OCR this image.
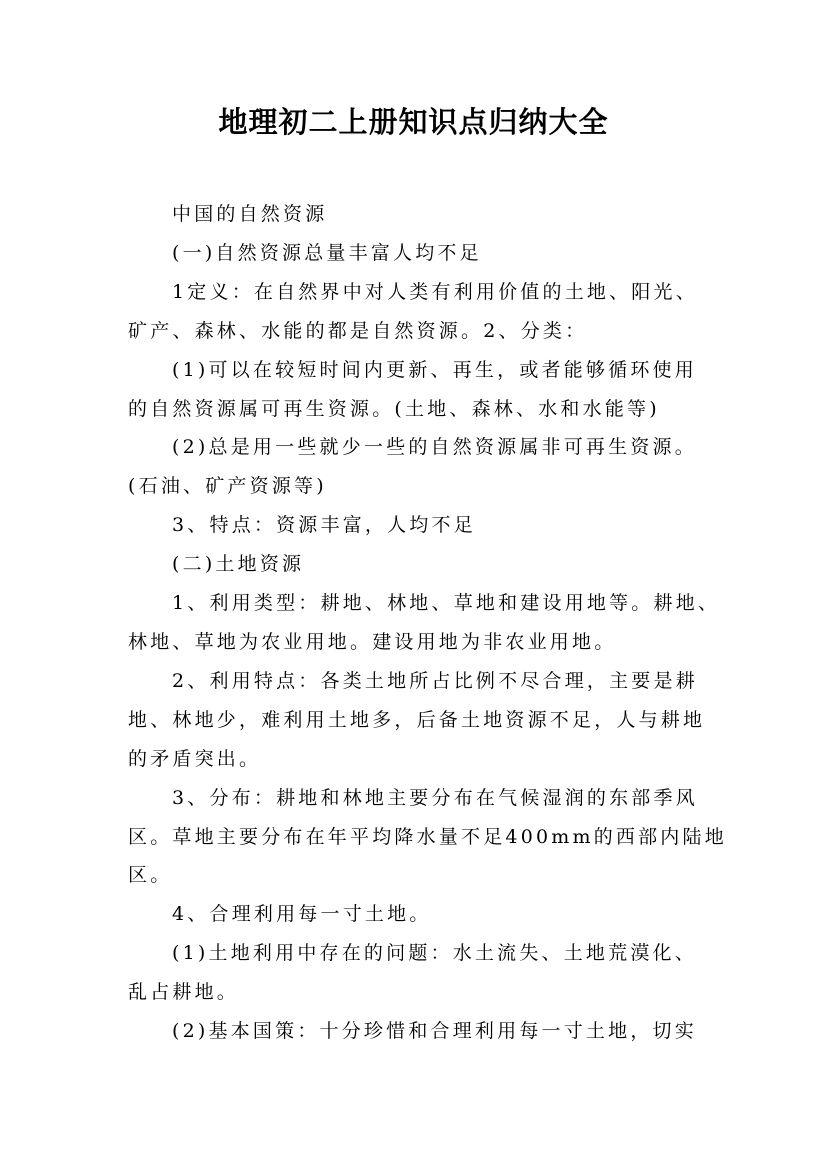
地理初二上册知识点归纳大全

中国的自然资源

(一)自然资源总量丰富人均不足

1定义：在自然界中对人类有利用价值的土地、阳光、

矿产、森林、水能的都是自然资源。2、分类：

(1)可以在较短时间内更新、再生，或者能够循环使用

的自然资源属可再生资源。(土地、森林、水和水能等)

(2)总是用一些就少一些的自然资源属非可再生资源。

(石油、矿产资源等)

3、特点：资源丰富，人均不足

(二)土地资源

1、利用类型：耕地、林地、草地和建设用地等。耕地、

林地、草地为农业用地。建设用地为非农业用地。

2、利用特点：各类土地所占比例不尽合理，主要是耕

地、林地少，难利用土地多，后备土地资源不足，人与耕地

的矛盾突出。

3、分布：耕地和林地主要分布在气候湿润的东部季风

区。草地主要分布在年平均降水量不足400mm的西部内陆地

区。

4、合理利用每一寸土地。

(1)土地利用中存在的问题：水土流失、土地荒漠化、

乱占耕地。

(2)基本国策：十分珍惜和合理利用每一寸土地，切实
